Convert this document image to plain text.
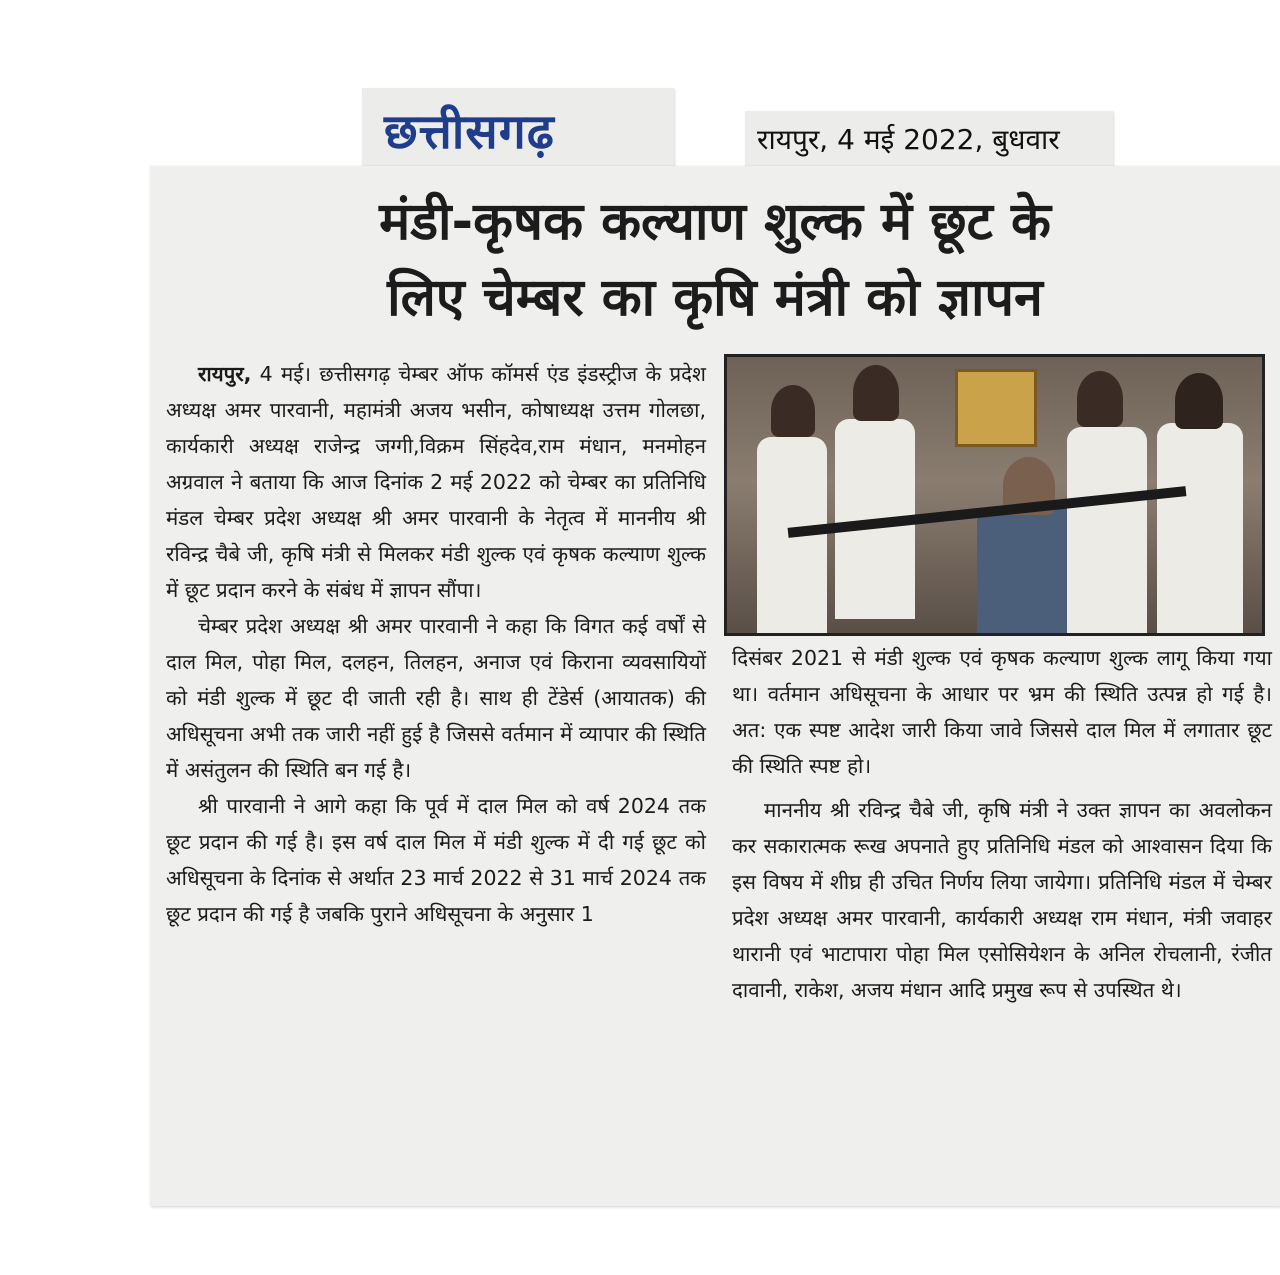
छत्तीसगढ़	रायपुर, 4 मई 2022, बुधवार
मंडी-कृषक कल्याण शुल्क में छूट के
लिए चेम्बर का कृषि मंत्री को ज्ञापन

रायपुर, 4 मई। छत्तीसगढ़ चेम्बर ऑफ कॉमर्स एंड इंडस्ट्रीज के प्रदेश अध्यक्ष अमर पारवानी, महामंत्री अजय भसीन, कोषाध्यक्ष उत्तम गोलछा, कार्यकारी अध्यक्ष राजेन्द्र जग्गी,विक्रम सिंहदेव,राम मंधान, मनमोहन अग्रवाल ने बताया कि आज दिनांक 2 मई 2022 को चेम्बर का प्रतिनिधि मंडल चेम्बर प्रदेश अध्यक्ष श्री अमर पारवानी के नेतृत्व में माननीय श्री रविन्द्र चैबे जी, कृषि मंत्री से मिलकर मंडी शुल्क एवं कृषक कल्याण शुल्क में छूट प्रदान करने के संबंध में ज्ञापन सौंपा।

चेम्बर प्रदेश अध्यक्ष श्री अमर पारवानी ने कहा कि विगत कई वर्षों से दाल मिल, पोहा मिल, दलहन, तिलहन, अनाज एवं किराना व्यवसायियों को मंडी शुल्क में छूट दी जाती रही है। साथ ही टेंडेर्स (आयातक) की अधिसूचना अभी तक जारी नहीं हुई है जिससे वर्तमान में व्यापार की स्थिति में असंतुलन की स्थिति बन गई है।

श्री पारवानी ने आगे कहा कि पूर्व में दाल मिल को वर्ष 2024 तक छूट प्रदान की गई है। इस वर्ष दाल मिल में मंडी शुल्क में दी गई छूट को अधिसूचना के दिनांक से अर्थात 23 मार्च 2022 से 31 मार्च 2024 तक छूट प्रदान की गई है जबकि पुराने अधिसूचना के अनुसार 1

दिसंबर 2021 से मंडी शुल्क एवं कृषक कल्याण शुल्क लागू किया गया था। वर्तमान अधिसूचना के आधार पर भ्रम की स्थिति उत्पन्न हो गई है। अत: एक स्पष्ट आदेश जारी किया जावे जिससे दाल मिल में लगातार छूट की स्थिति स्पष्ट हो।

माननीय श्री रविन्द्र चैबे जी, कृषि मंत्री ने उक्त ज्ञापन का अवलोकन कर सकारात्मक रूख अपनाते हुए प्रतिनिधि मंडल को आश्वासन दिया कि इस विषय में शीघ्र ही उचित निर्णय लिया जायेगा। प्रतिनिधि मंडल में चेम्बर प्रदेश अध्यक्ष अमर पारवानी, कार्यकारी अध्यक्ष राम मंधान, मंत्री जवाहर थारानी एवं भाटापारा पोहा मिल एसोसियेशन के अनिल रोचलानी, रंजीत दावानी, राकेश, अजय मंधान आदि प्रमुख रूप से उपस्थित थे।
